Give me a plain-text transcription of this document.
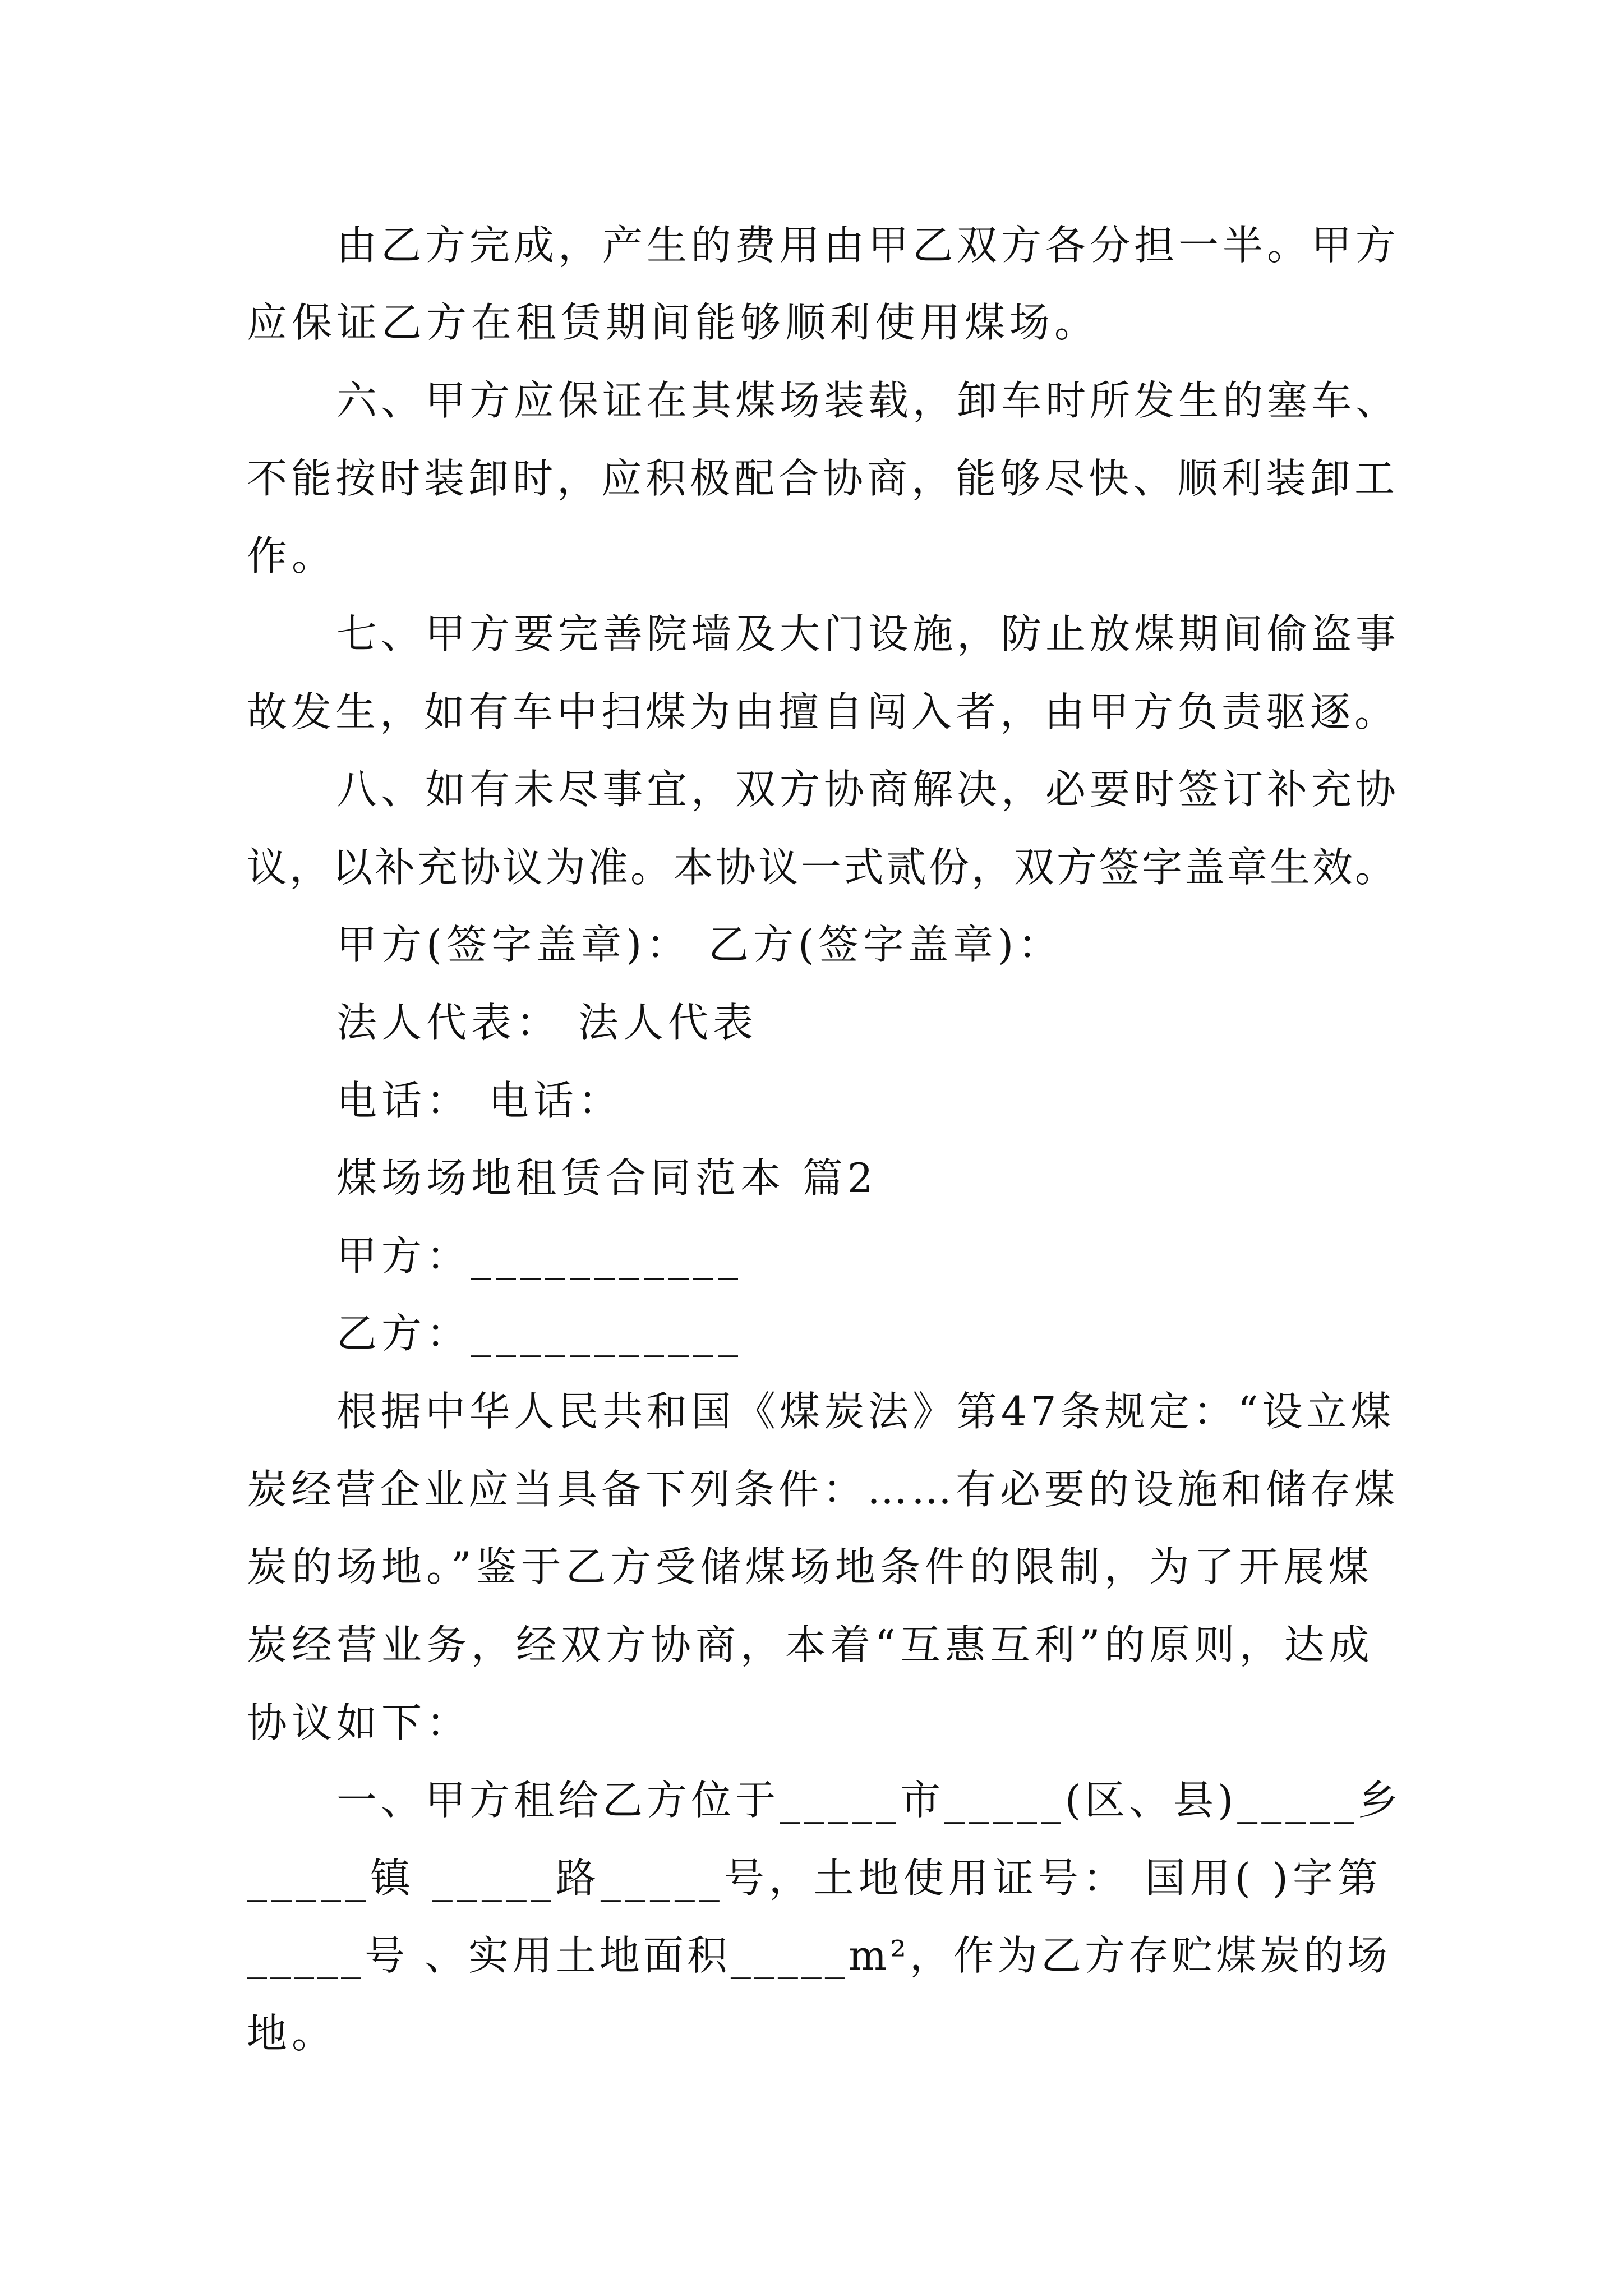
由乙方完成，产生的费用由甲乙双方各分担一半。甲方
应保证乙方在租赁期间能够顺利使用煤场。
六、甲方应保证在其煤场装载，卸车时所发生的塞车、
不能按时装卸时，应积极配合协商，能够尽快、顺利装卸工
作。
七、甲方要完善院墙及大门设施，防止放煤期间偷盗事
故发生，如有车中扫煤为由擅自闯入者，由甲方负责驱逐。
八、如有未尽事宜，双方协商解决，必要时签订补充协
议，以补充协议为准。本协议一式贰份，双方签字盖章生效。
甲方(签字盖章)： 乙方(签字盖章)：
法人代表： 法人代表
电话： 电话：
煤场场地租赁合同范本 篇2
甲方：___________
乙方：___________
根据中华人民共和国《煤炭法》第47条规定：“设立煤
炭经营企业应当具备下列条件：……有必要的设施和储存煤
炭的场地。”鉴于乙方受储煤场地条件的限制，为了开展煤
炭经营业务，经双方协商，本着“互惠互利”的原则，达成
协议如下：
一、甲方租给乙方位于_____市_____(区、县)_____乡
_____镇 _____路_____号，土地使用证号： 国用( )字第
_____号 、实用土地面积_____m²，作为乙方存贮煤炭的场
地。
